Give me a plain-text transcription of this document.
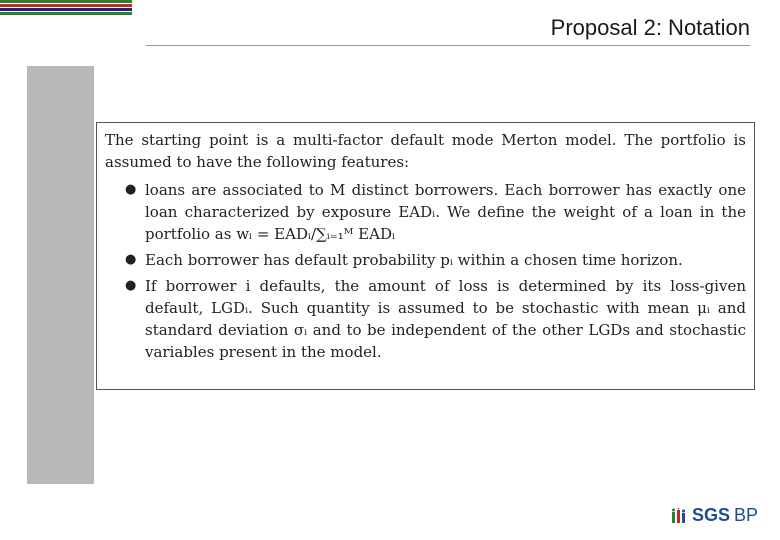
Proposal 2: Notation

The starting point is a multi-factor default mode Merton model. The portfolio is assumed to have the following features:

● loans are associated to M distinct borrowers. Each borrower has exactly one loan characterized by exposure EADᵢ. We define the weight of a loan in the portfolio as wᵢ = EADᵢ/∑ᵢ₌₁ᴹ EADᵢ
● Each borrower has default probability pᵢ within a chosen time horizon.
● If borrower i defaults, the amount of loss is determined by its loss-given default, LGDᵢ. Such quantity is assumed to be stochastic with mean μᵢ and standard deviation σᵢ and to be independent of the other LGDs and stochastic variables present in the model.
SGS BP
